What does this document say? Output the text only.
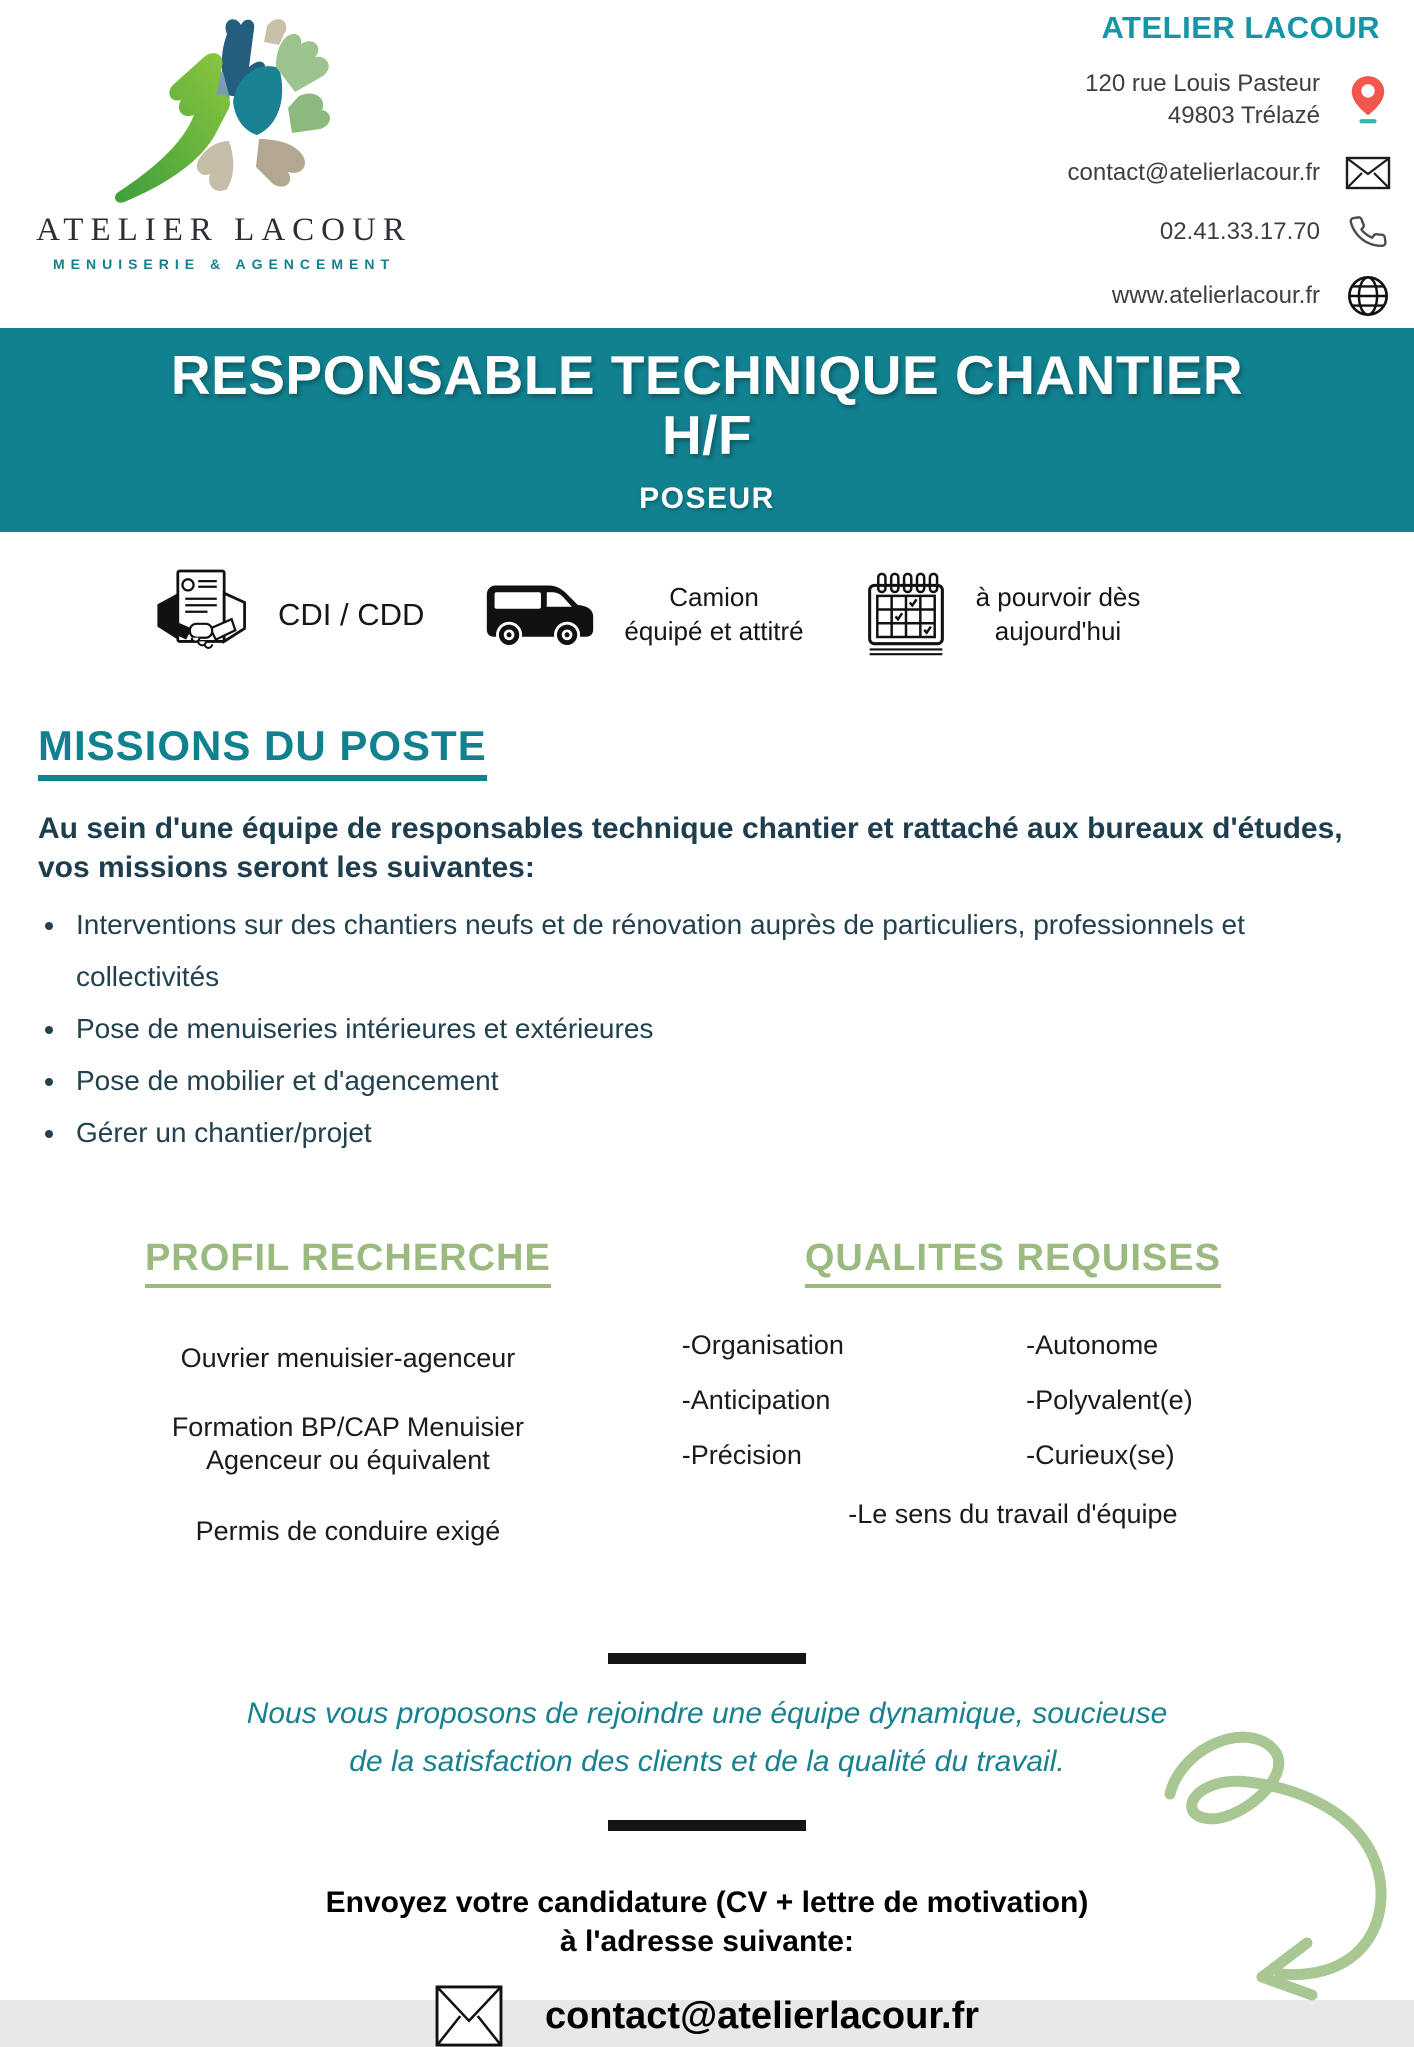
ATELIER LACOUR
MENUISERIE & AGENCEMENT
ATELIER LACOUR
120 rue Louis Pasteur
49803 Trélazé
contact@atelierlacour.fr
02.41.33.17.70
www.atelierlacour.fr
RESPONSABLE TECHNIQUE CHANTIER
H/F
POSEUR
CDI / CDD	Camion
équipé et attitré
à pourvoir dès
aujourd'hui
MISSIONS DU POSTE

Au sein d'une équipe de responsables technique chantier et rattaché aux bureaux d'études, vos missions seront les suivantes:

• Interventions sur des chantiers neufs et de rénovation auprès de particuliers, professionnels et collectivités
• Pose de menuiseries intérieures et extérieures
• Pose de mobilier et d'agencement
• Gérer un chantier/projet
PROFIL RECHERCHE

Ouvrier menuisier-agenceur

Formation BP/CAP Menuisier Agenceur ou équivalent

Permis de conduire exigé

QUALITES REQUISES

-Organisation	-Autonome

-Anticipation	-Polyvalent(e)

-Précision	-Curieux(se)

-Le sens du travail d'équipe

Nous vous proposons de rejoindre une équipe dynamique, soucieuse
de la satisfaction des clients et de la qualité du travail.

Envoyez votre candidature (CV + lettre de motivation)
à l'adresse suivante:

contact@atelierlacour.fr
